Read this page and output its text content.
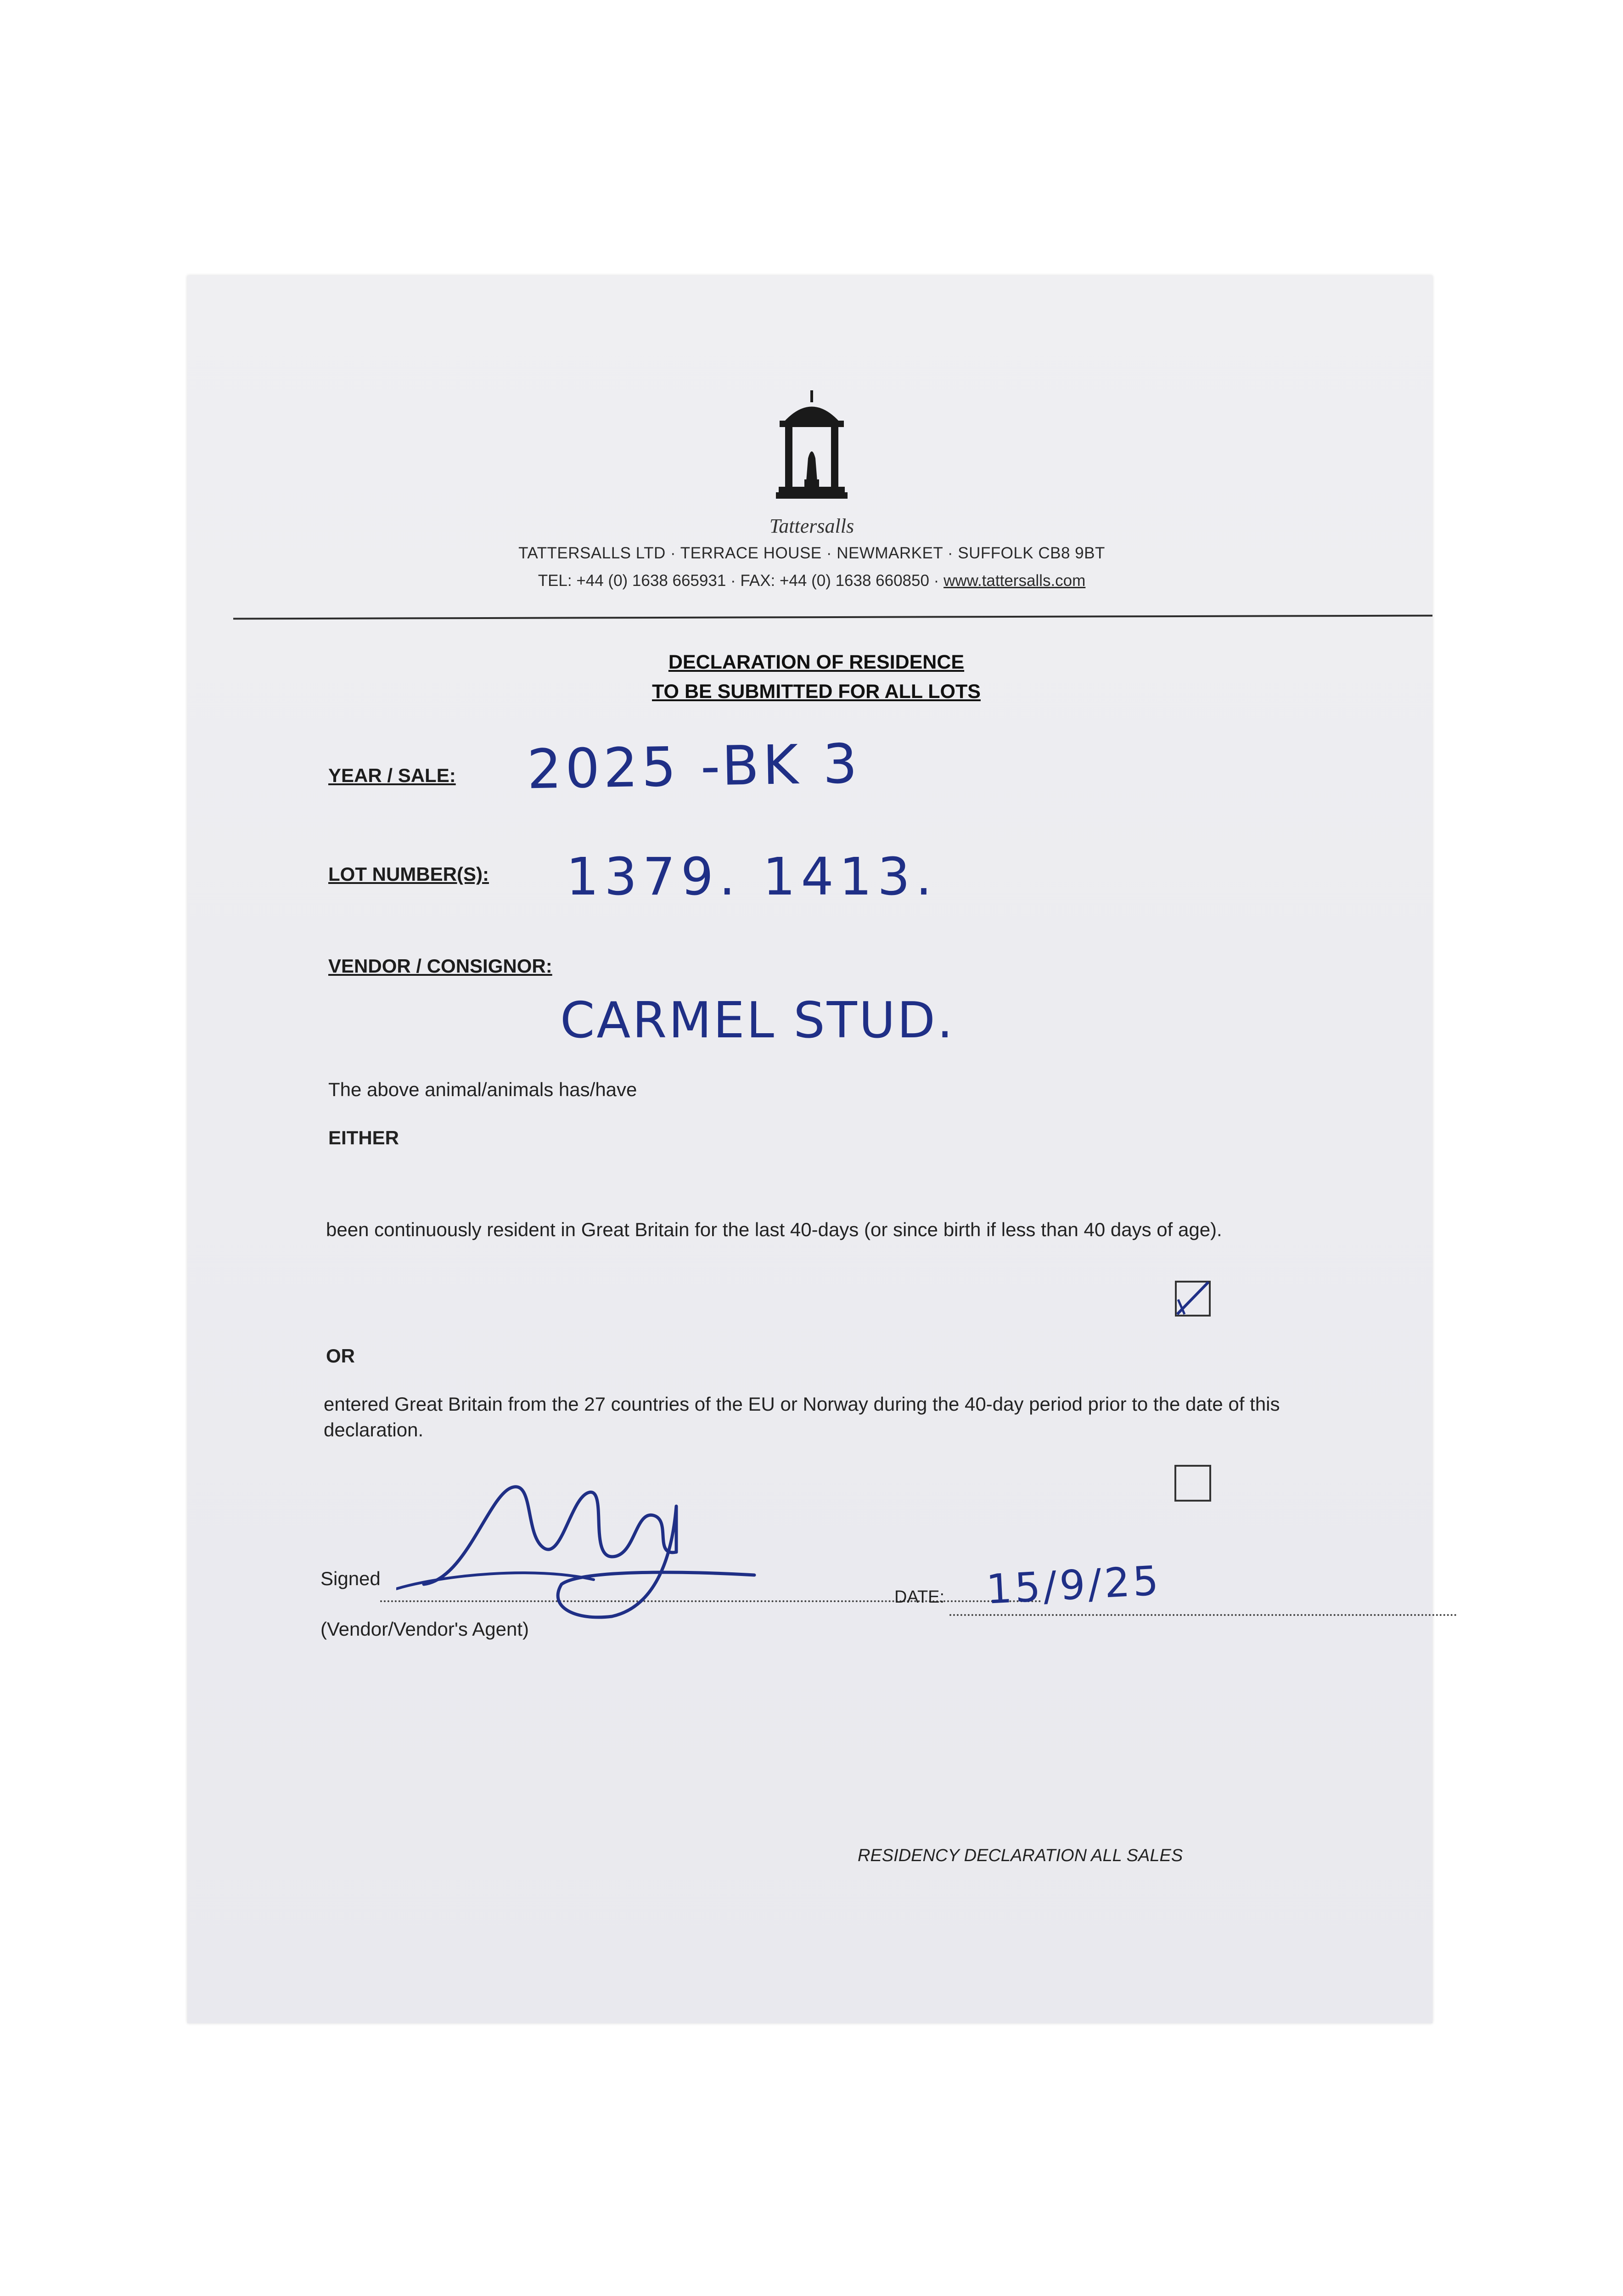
Tattersalls
TATTERSALLS LTD · TERRACE HOUSE · NEWMARKET · SUFFOLK CB8 9BT
TEL: +44 (0) 1638 665931 · FAX: +44 (0) 1638 660850 · www.tattersalls.com
DECLARATION OF RESIDENCE
TO BE SUBMITTED FOR ALL LOTS
YEAR / SALE: 2025 -BK 3
LOT NUMBER(S): 1379. 1413.
VENDOR / CONSIGNOR:
CARMEL STUD.
The above animal/animals has/have
EITHER
been continuously resident in Great Britain for the last 40-days (or since birth if less than 40 days of age).
OR
entered Great Britain from the 27 countries of the EU or Norway during the 40-day period prior to the date of this declaration.
Signed
(Vendor/Vendor's Agent)
DATE: 15/9/25
RESIDENCY DECLARATION ALL SALES
